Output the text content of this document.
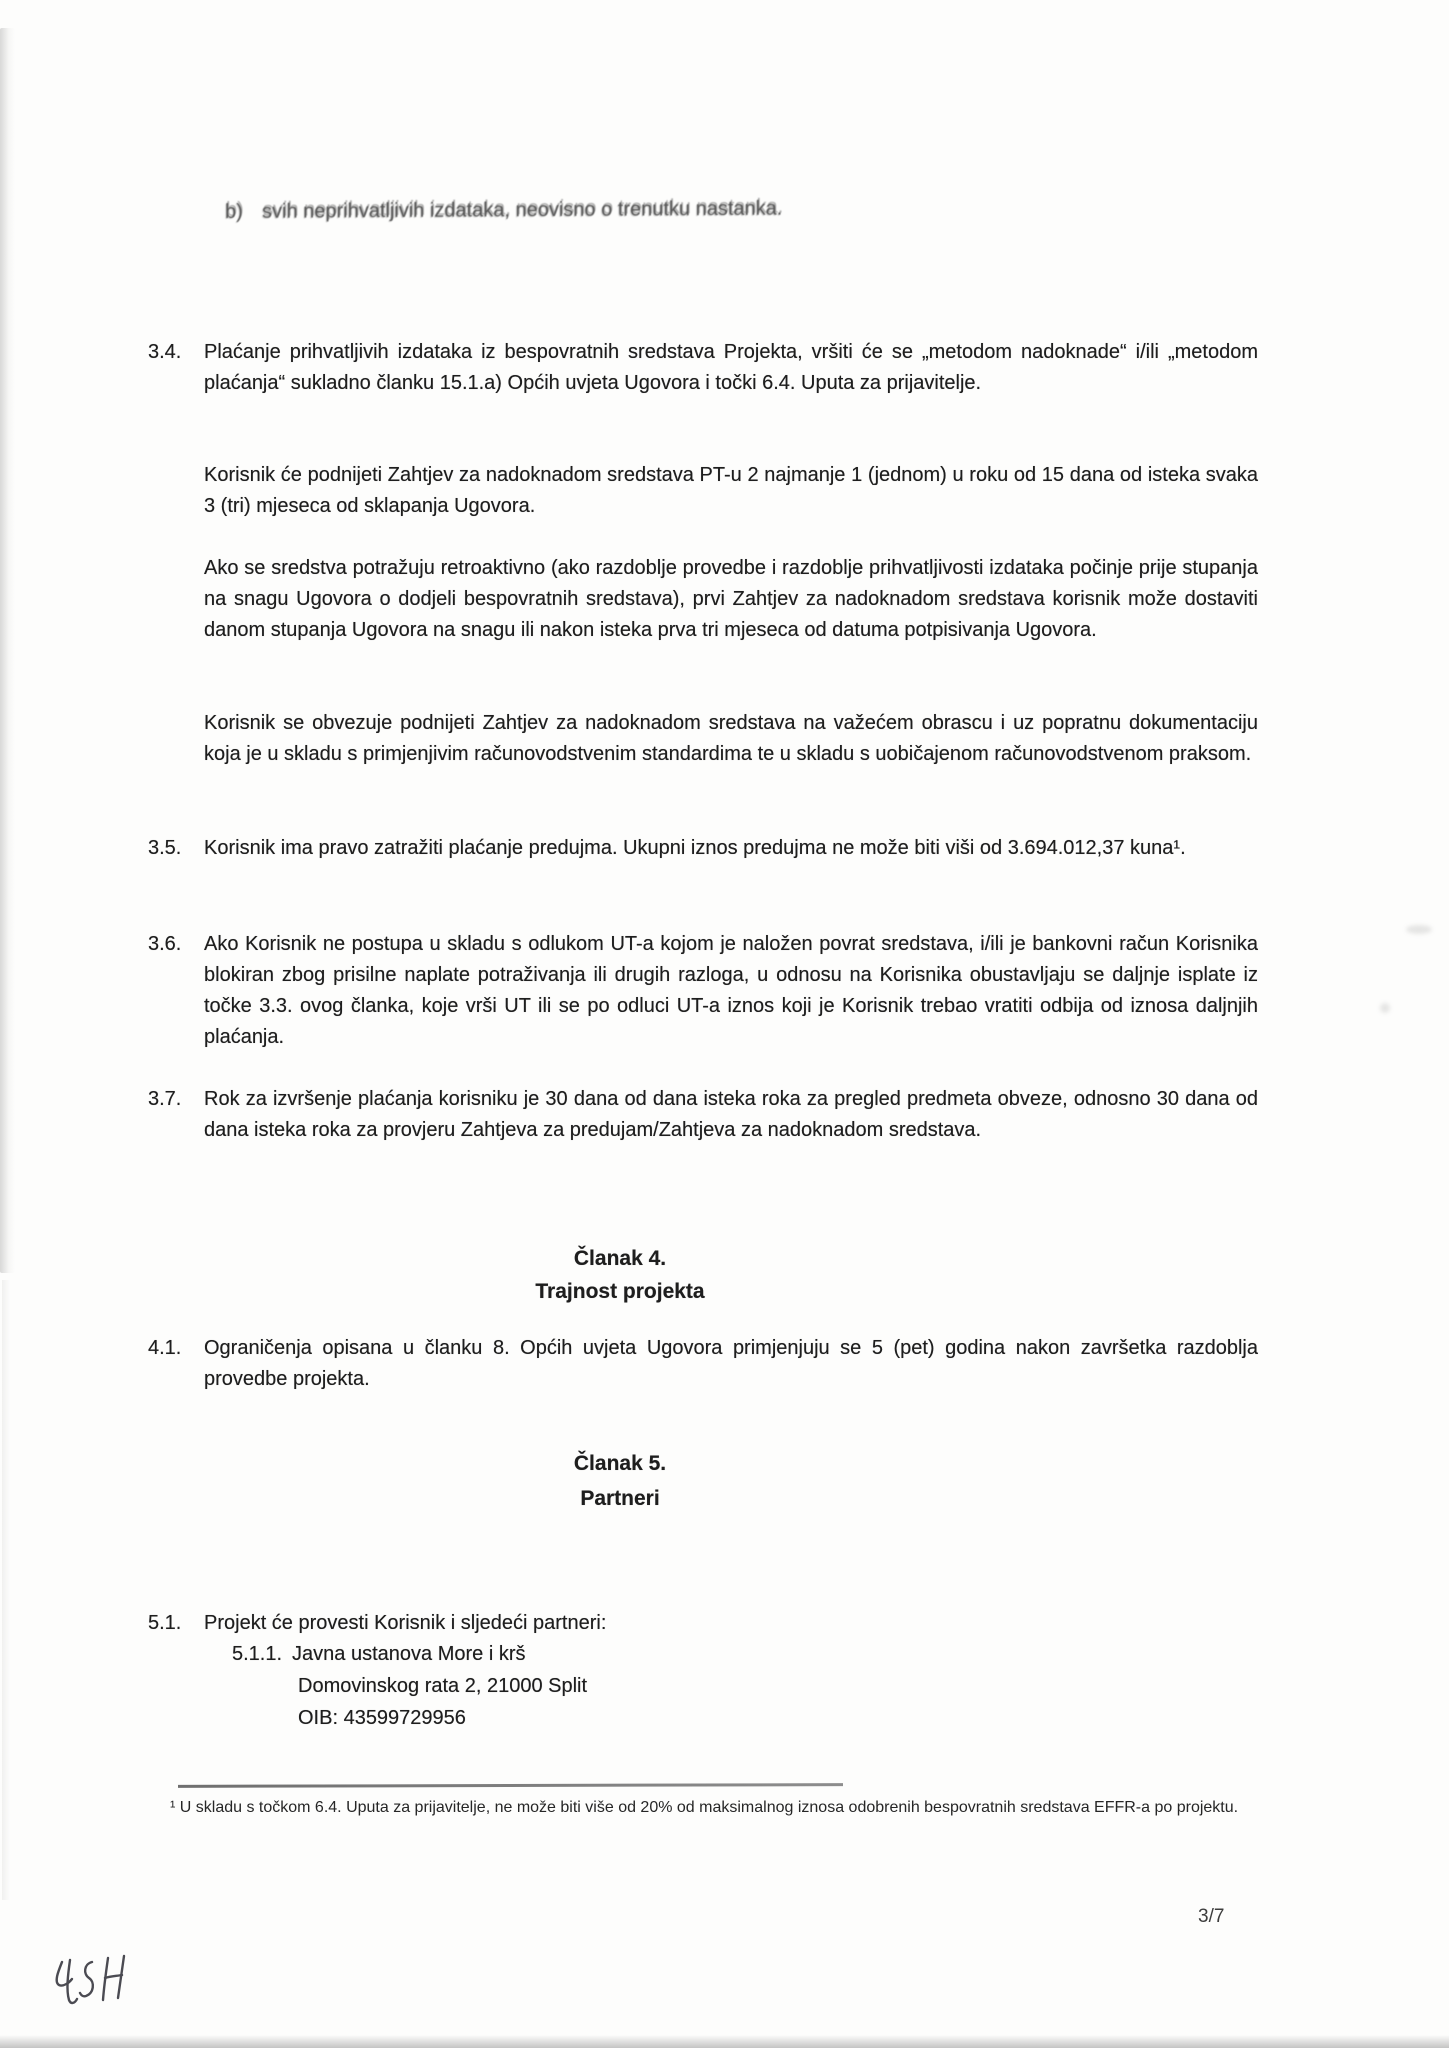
b) svih neprihvatljivih izdataka, neovisno o trenutku nastanka.
3.4. Plaćanje prihvatljivih izdataka iz bespovratnih sredstava Projekta, vršiti će se „metodom nadoknade“ i/ili „metodom plaćanja“ sukladno članku 15.1.a) Općih uvjeta Ugovora i točki 6.4. Uputa za prijavitelje.
Korisnik će podnijeti Zahtjev za nadoknadom sredstava PT-u 2 najmanje 1 (jednom) u roku od 15 dana od isteka svaka 3 (tri) mjeseca od sklapanja Ugovora.
Ako se sredstva potražuju retroaktivno (ako razdoblje provedbe i razdoblje prihvatljivosti izdataka počinje prije stupanja na snagu Ugovora o dodjeli bespovratnih sredstava), prvi Zahtjev za nadoknadom sredstava korisnik može dostaviti danom stupanja Ugovora na snagu ili nakon isteka prva tri mjeseca od datuma potpisivanja Ugovora.
Korisnik se obvezuje podnijeti Zahtjev za nadoknadom sredstava na važećem obrascu i uz popratnu dokumentaciju koja je u skladu s primjenjivim računovodstvenim standardima te u skladu s uobičajenom računovodstvenom praksom.
3.5. Korisnik ima pravo zatražiti plaćanje predujma. Ukupni iznos predujma ne može biti viši od 3.694.012,37 kuna¹.
3.6. Ako Korisnik ne postupa u skladu s odlukom UT-a kojom je naložen povrat sredstava, i/ili je bankovni račun Korisnika blokiran zbog prisilne naplate potraživanja ili drugih razloga, u odnosu na Korisnika obustavljaju se daljnje isplate iz točke 3.3. ovog članka, koje vrši UT ili se po odluci UT-a iznos koji je Korisnik trebao vratiti odbija od iznosa daljnjih plaćanja.
3.7. Rok za izvršenje plaćanja korisniku je 30 dana od dana isteka roka za pregled predmeta obveze, odnosno 30 dana od dana isteka roka za provjeru Zahtjeva za predujam/Zahtjeva za nadoknadom sredstava.
Članak 4.
Trajnost projekta
4.1. Ograničenja opisana u članku 8. Općih uvjeta Ugovora primjenjuju se 5 (pet) godina nakon završetka razdoblja provedbe projekta.
Članak 5.
Partneri
5.1. Projekt će provesti Korisnik i sljedeći partneri:
5.1.1. Javna ustanova More i krš
Domovinskog rata 2, 21000 Split
OIB: 43599729956
¹ U skladu s točkom 6.4. Uputa za prijavitelje, ne može biti više od 20% od maksimalnog iznosa odobrenih bespovratnih sredstava EFFR-a po projektu.
3/7
